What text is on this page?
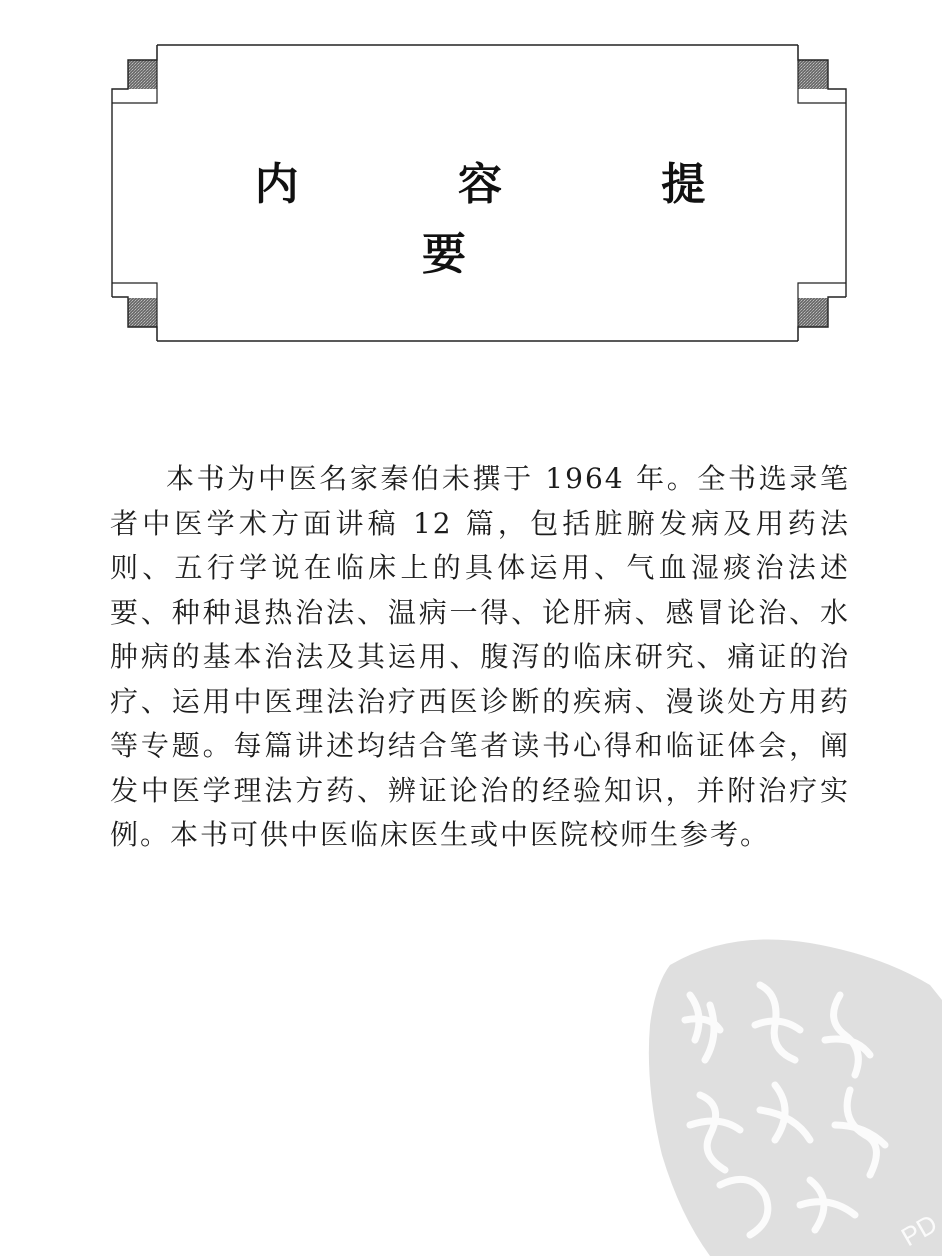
内 容 提 要
本书为中医名家秦伯未撰于 1964 年。全书选录笔者中医学术方面讲稿 12 篇，包括脏腑发病及用药法则、五行学说在临床上的具体运用、气血湿痰治法述要、种种退热治法、温病一得、论肝病、感冒论治、水肿病的基本治法及其运用、腹泻的临床研究、痛证的治疗、运用中医理法治疗西医诊断的疾病、漫谈处方用药等专题。每篇讲述均结合笔者读书心得和临证体会，阐发中医学理法方药、辨证论治的经验知识，并附治疗实例。本书可供中医临床医生或中医院校师生参考。
PD
